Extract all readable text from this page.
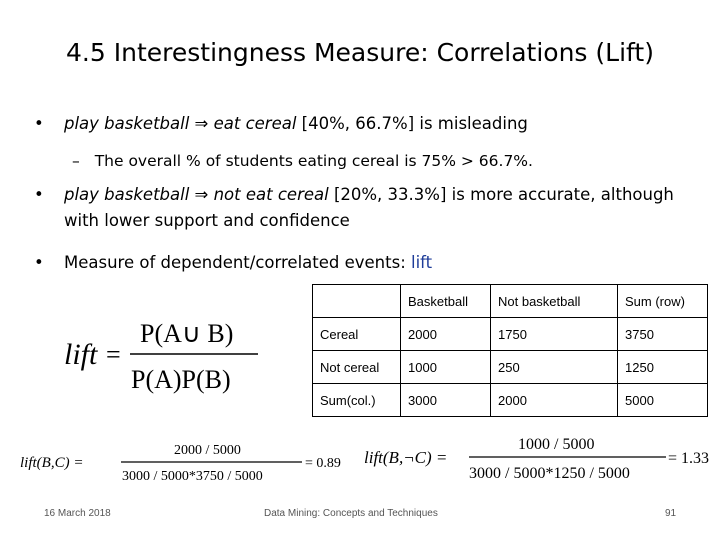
4.5 Interestingness Measure: Correlations (Lift)
• play basketball ⇒ eat cereal [40%, 66.7%] is misleading
– The overall % of students eating cereal is 75% > 66.7%.
• play basketball ⇒ not eat cereal [20%, 33.3%] is more accurate, although with lower support and confidence
• Measure of dependent/correlated events: lift
lift =
P(A∪ B)
P(A)P(B)
	Basketball	Not basketball	Sum (row)
Cereal	2000	1750	3750
Not cereal	1000	250	1250
Sum(col.)	3000	2000	5000
lift(B,C) =
2000 / 5000
3000 / 5000*3750 / 5000
= 0.89 lift(B,¬C) =
1000 / 5000
3000 / 5000*1250 / 5000
= 1.33
16 March 2018	Data Mining: Concepts and Techniques	91
